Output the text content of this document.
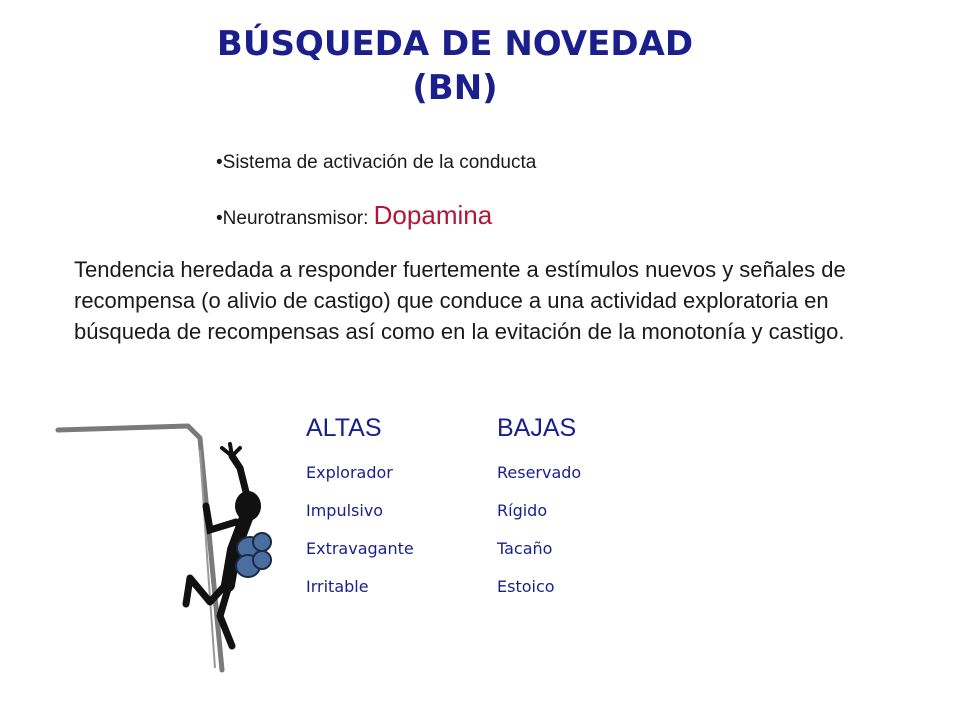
BÚSQUEDA DE NOVEDAD
(BN)
•Sistema de activación de la conducta
•Neurotransmisor: Dopamina
Tendencia heredada a responder fuertemente a estímulos nuevos y señales de recompensa (o alivio de castigo) que conduce a una actividad exploratoria en búsqueda de recompensas así como en la evitación de la monotonía y castigo.
ALTAS
Explorador
Impulsivo
Extravagante
Irritable
BAJAS
Reservado
Rígido
Tacaño
Estoico
